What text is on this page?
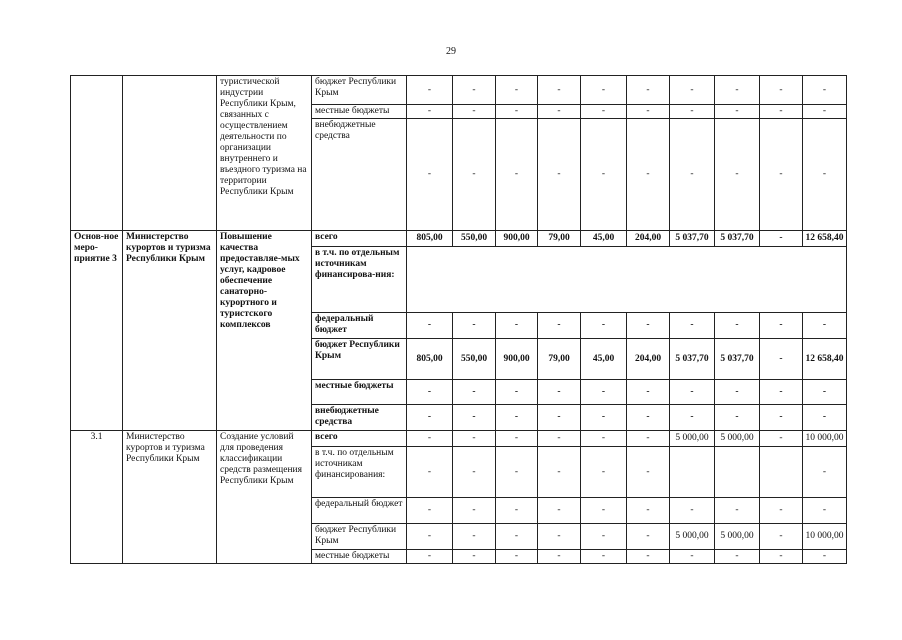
29
		туристической индустрии Республики Крым, связанных с осуществлением деятельности по организации внутреннего и въездного туризма на территории Республики Крым	бюджет Республики Крым	-	-	-	-	-	-	-	-	-	-
			местные бюджеты	-	-	-	-	-	-	-	-	-	-
			внебюджетные средства	-	-	-	-	-	-	-	-	-	-
Основ-ное меро-приятие 3	Министерство курортов и туризма Республики Крым	Повышение качества предоставляе-мых услуг, кадровое обеспечение санаторно-курортного и туристского комплексов	всего	805,00	550,00	900,00	79,00	45,00	204,00	5 037,70	5 037,70	-	12 658,40
			в т.ч. по отдельным источникам финансирова-ния:										
			федеральный бюджет	-	-	-	-	-	-	-	-	-	-
			бюджет Республики Крым	805,00	550,00	900,00	79,00	45,00	204,00	5 037,70	5 037,70	-	12 658,40
			местные бюджеты	-	-	-	-	-	-	-	-	-	-
			внебюджетные средства	-	-	-	-	-	-	-	-	-	-
3.1	Министерство курортов и туризма Республики Крым	Создание условий для проведения классификации средств размещения Республики Крым	всего	-	-	-	-	-	-	5 000,00	5 000,00	-	10 000,00
			в т.ч. по отдельным источникам финансирования:	-	-	-	-	-	-				-
			федеральный бюджет	-	-	-	-	-	-	-	-	-	-
			бюджет Республики Крым	-	-	-	-	-	-	5 000,00	5 000,00	-	10 000,00
			местные бюджеты	-	-	-	-	-	-	-	-	-	-
